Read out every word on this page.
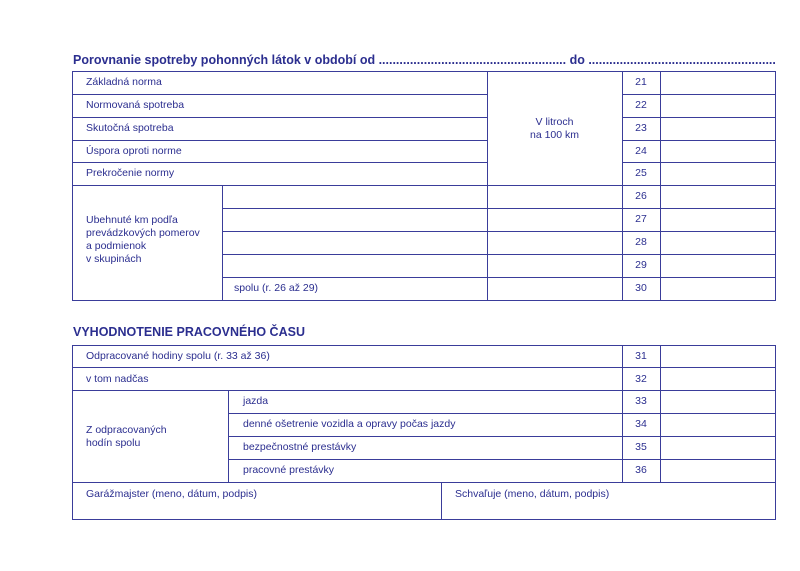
Porovnanie spotreby pohonných látok v období od ...................................................... do ......................................................
Základná norma
Normovaná spotreba
Skutočná spotreba
Úspora oproti norme
Prekročenie normy
V litroch
na 100 km
21
22
23
24
25
Ubehnuté km podľa
prevádzkových pomerov
a podmienok
v skupinách
26
27
28
29
spolu (r. 26 až 29)	30
VYHODNOTENIE PRACOVNÉHO ČASU
Odpracované hodiny spolu (r. 33 až 36)
v tom nadčas
31
32
Z odpracovaných
hodín spolu
jazda
denné ošetrenie vozidla a opravy počas jazdy
bezpečnostné prestávky
pracovné prestávky
33
34
35
36
Garážmajster (meno, dátum, podpis)	Schvaľuje (meno, dátum, podpis)
